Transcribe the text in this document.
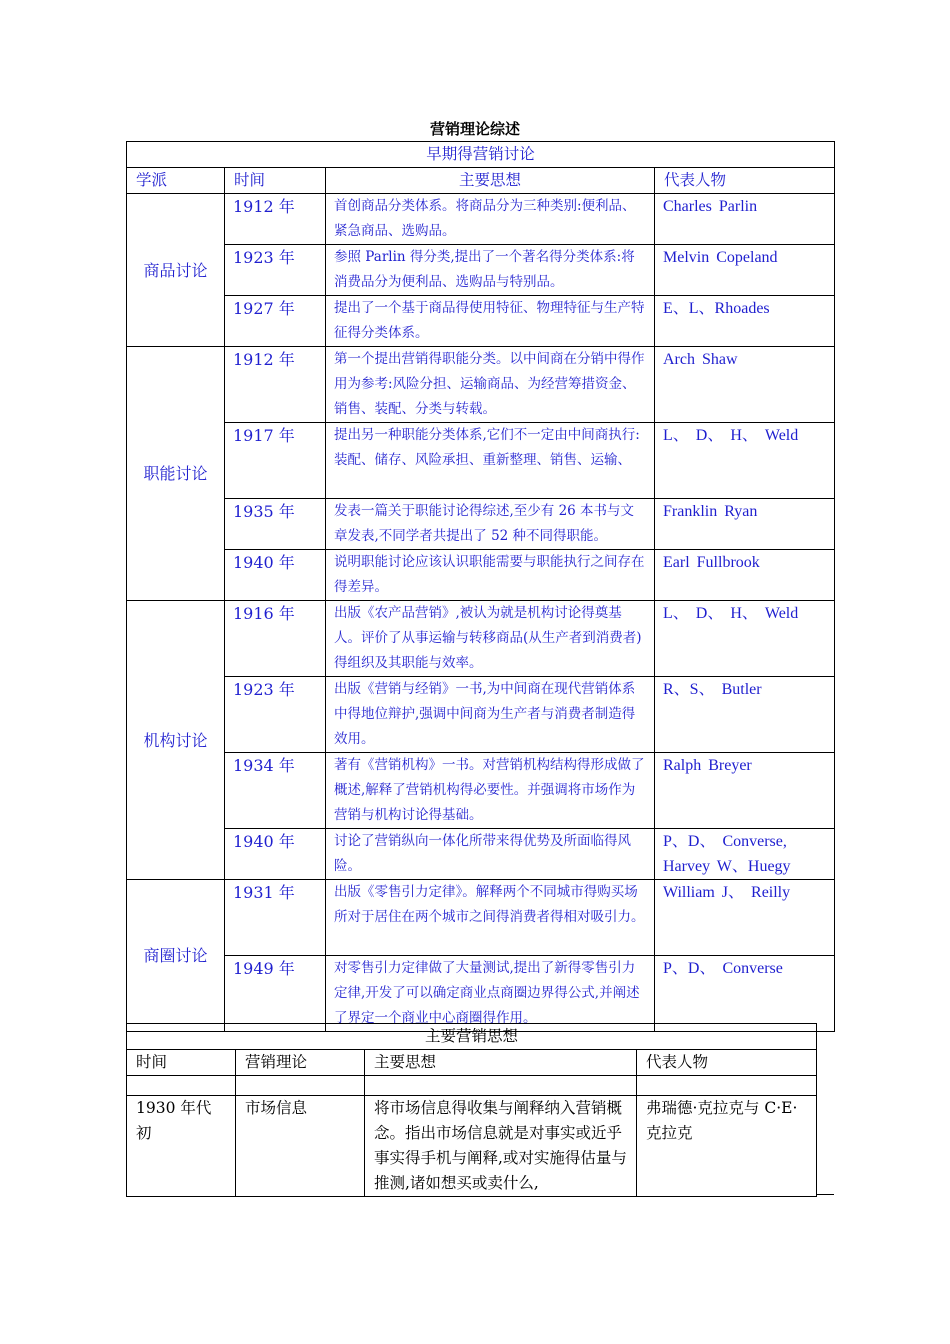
营销理论综述
早期得营销讨论			
学派	时间	主要思想	代表人物
商品讨论	1912 年	首创商品分类体系。将商品分为三种类别:便利品、紧急商品、选购品。	Charles Parlin
	1923 年	参照 Parlin 得分类,提出了一个著名得分类体系:将消费品分为便利品、选购品与特别品。	Melvin Copeland
	1927 年	提出了一个基于商品得使用特征、物理特征与生产特征得分类体系。	E、L、Rhoades
职能讨论	1912 年	第一个提出营销得职能分类。以中间商在分销中得作用为参考:风险分担、运输商品、为经营筹措资金、销售、装配、分类与转载。	Arch Shaw
	1917 年	提出另一种职能分类体系,它们不一定由中间商执行:装配、储存、风险承担、重新整理、销售、运输、	L、 D、 H、 Weld
	1935 年	发表一篇关于职能讨论得综述,至少有 26 本书与文章发表,不同学者共提出了 52 种不同得职能。	Franklin Ryan
	1940 年	说明职能讨论应该认识职能需要与职能执行之间存在得差异。	Earl Fullbrook
机构讨论	1916 年	出版《农产品营销》,被认为就是机构讨论得奠基人。评价了从事运输与转移商品(从生产者到消费者)得组织及其职能与效率。	L、 D、 H、 Weld
	1923 年	出版《营销与经销》一书,为中间商在现代营销体系中得地位辩护,强调中间商为生产者与消费者制造得效用。	R、S、 Butler
	1934 年	著有《营销机构》一书。对营销机构结构得形成做了概述,解释了营销机构得必要性。并强调将市场作为营销与机构讨论得基础。	Ralph Breyer
	1940 年	讨论了营销纵向一体化所带来得优势及所面临得风险。	P、D、 Converse, Harvey W、Huegy
商圈讨论	1931 年	出版《零售引力定律》。解释两个不同城市得购买场所对于居住在两个城市之间得消费者得相对吸引力。	William J、 Reilly
	1949 年	对零售引力定律做了大量测试,提出了新得零售引力定律,开发了可以确定商业点商圈边界得公式,并阐述了界定一个商业中心商圈得作用。	P、D、 Converse
主要营销思想			
时间	营销理论	主要思想	代表人物

1930 年代初	市场信息	将市场信息得收集与阐释纳入营销概念。指出市场信息就是对事实或近乎事实得手机与阐释,或对实施得估量与推测,诸如想买或卖什么,	弗瑞德·克拉克与 C·E·克拉克
